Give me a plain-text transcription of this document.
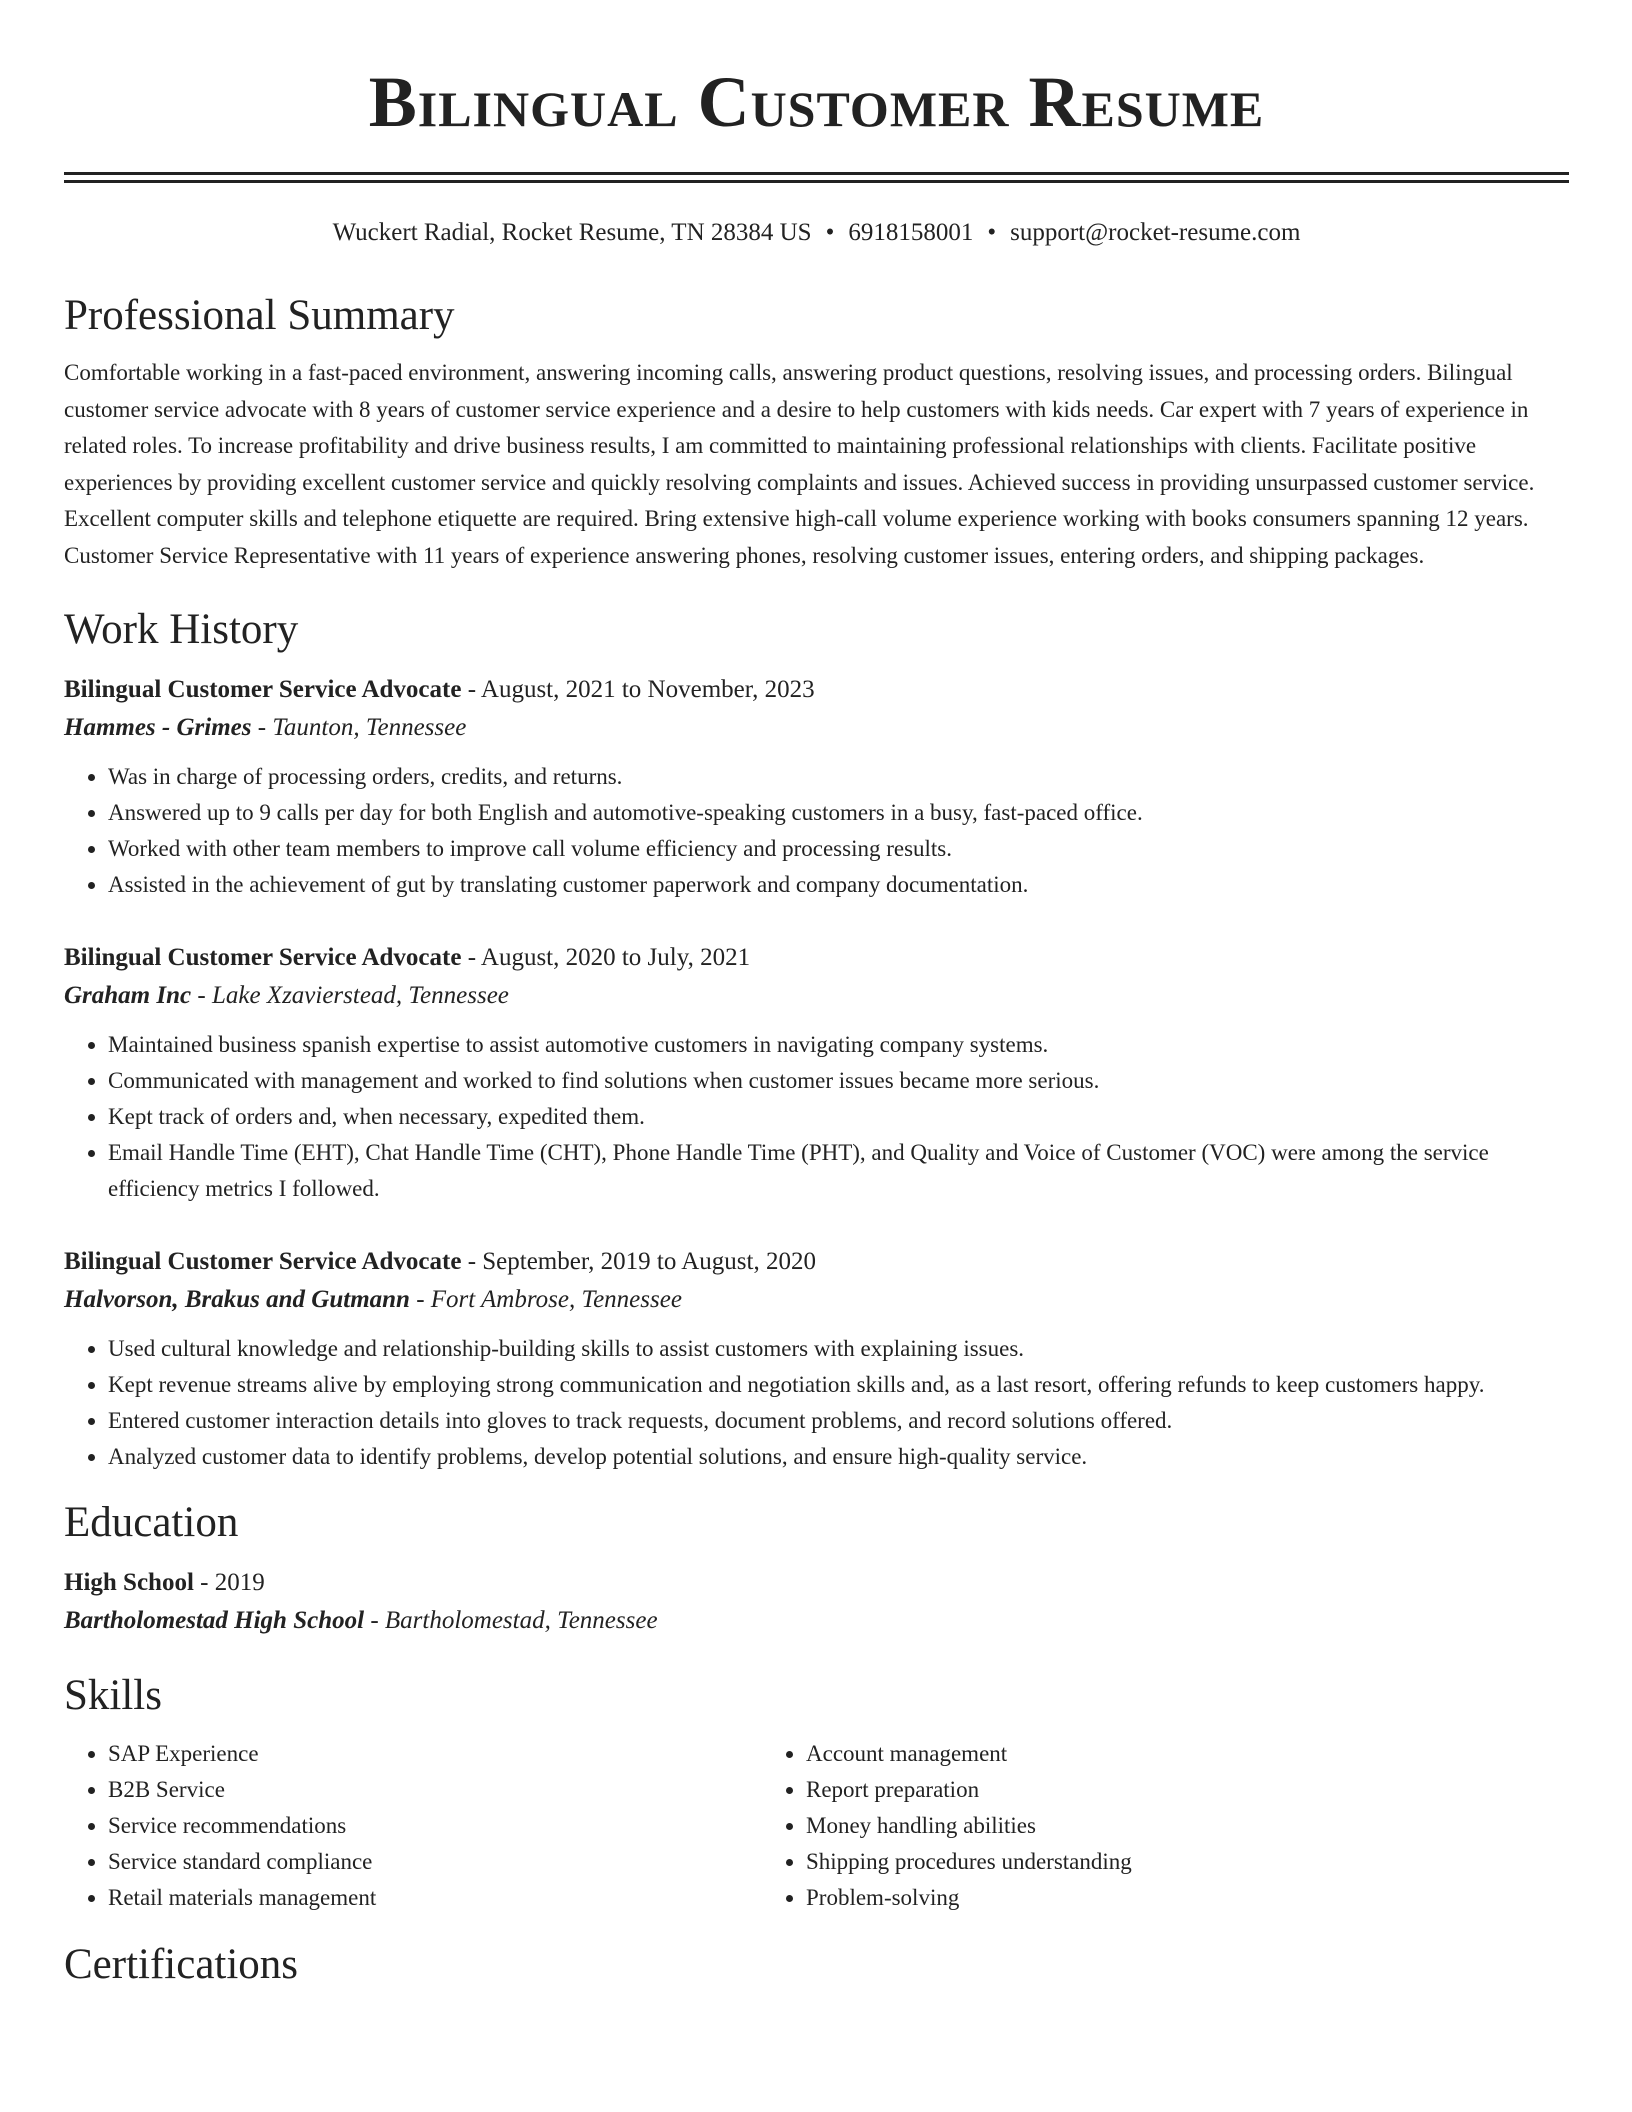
Bilingual Customer Resume
Wuckert Radial, Rocket Resume, TN 28384 US • 6918158001 • support@rocket-resume.com
Professional Summary
Comfortable working in a fast-paced environment, answering incoming calls, answering product questions, resolving issues, and processing orders. Bilingual customer service advocate with 8 years of customer service experience and a desire to help customers with kids needs. Car expert with 7 years of experience in related roles. To increase profitability and drive business results, I am committed to maintaining professional relationships with clients. Facilitate positive experiences by providing excellent customer service and quickly resolving complaints and issues. Achieved success in providing unsurpassed customer service. Excellent computer skills and telephone etiquette are required. Bring extensive high-call volume experience working with books consumers spanning 12 years. Customer Service Representative with 11 years of experience answering phones, resolving customer issues, entering orders, and shipping packages.
Work History
Bilingual Customer Service Advocate - August, 2021 to November, 2023
Hammes - Grimes - Taunton, Tennessee
• Was in charge of processing orders, credits, and returns.
• Answered up to 9 calls per day for both English and automotive-speaking customers in a busy, fast-paced office.
• Worked with other team members to improve call volume efficiency and processing results.
• Assisted in the achievement of gut by translating customer paperwork and company documentation.
Bilingual Customer Service Advocate - August, 2020 to July, 2021
Graham Inc - Lake Xzavierstead, Tennessee
• Maintained business spanish expertise to assist automotive customers in navigating company systems.
• Communicated with management and worked to find solutions when customer issues became more serious.
• Kept track of orders and, when necessary, expedited them.
• Email Handle Time (EHT), Chat Handle Time (CHT), Phone Handle Time (PHT), and Quality and Voice of Customer (VOC) were among the service efficiency metrics I followed.
Bilingual Customer Service Advocate - September, 2019 to August, 2020
Halvorson, Brakus and Gutmann - Fort Ambrose, Tennessee
• Used cultural knowledge and relationship-building skills to assist customers with explaining issues.
• Kept revenue streams alive by employing strong communication and negotiation skills and, as a last resort, offering refunds to keep customers happy.
• Entered customer interaction details into gloves to track requests, document problems, and record solutions offered.
• Analyzed customer data to identify problems, develop potential solutions, and ensure high-quality service.
Education
High School - 2019
Bartholomestad High School - Bartholomestad, Tennessee
Skills
• SAP Experience
• B2B Service
• Service recommendations
• Service standard compliance
• Retail materials management
• Account management
• Report preparation
• Money handling abilities
• Shipping procedures understanding
• Problem-solving
Certifications
